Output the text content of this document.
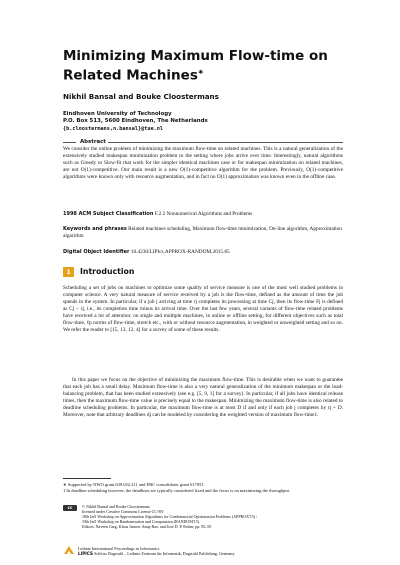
Minimizing Maximum Flow-time on Related Machines∗
Nikhil Bansal and Bouke Cloostermans
Eindhoven University of Technology
P.O. Box 513, 5600 Eindhoven, The Netherlands
{b.cloostermans,n.bansal}@tue.nl
Abstract
We consider the online problem of minimizing the maximum flow-time on related machines. This is a natural generalization of the extensively studied makespan minimization problem to the setting where jobs arrive over time. Interestingly, natural algorithms such as Greedy or Slow-fit that work for the simpler identical machines case or for makespan minimization on related machines, are not O(1)-competitive. Our main result is a new O(1)-competitive algorithm for the problem. Previously, O(1)-competitive algorithms were known only with resource augmentation, and in fact no O(1) approximation was known even in the offline case.
1998 ACM Subject Classification F.2.2 Nonnumerical Algorithms and Problems
Keywords and phrases Related machines scheduling, Maximum flow-time minimization, On-line algorithm, Approximation algorithm
Digital Object Identifier 10.4230/LIPIcs.APPROX-RANDOM.2015.85
1	Introduction

Scheduling a set of jobs on machines to optimize some quality of service measure is one of the most well studied problems in computer science. A very natural measure of service received by a job is the flow-time, defined as the amount of time the job spends in the system. In particular, if a job j arriving at time rj completes its processing at time Cj, then its flow-time Fj is defined as Cj − rj, i.e., its completion time minus its arrival time. Over the last few years, several variants of flow-time related problems have received a lot of attention: on single and multiple machines, in online or offline setting, for different objectives such as total flow-time, ℓp norms of flow-time, stretch etc., with or without resource augmentation, in weighted or unweighted setting and so on. We refer the reader to [15, 13, 12, 4] for a survey of some of these results.

In this paper we focus on the objective of minimizing the maximum flow-time. This is desirable when we want to guarantee that each job has a small delay. Maximum flow-time is also a very natural generalization of the minimum makespan or the load-balancing problem, that has been studied extensively (see e.g. [5, 9, 1] for a survey). In particular, if all jobs have identical release times, then the maximum flow-time value is precisely equal to the makespan. Minimizing the maximum flow-time is also related to deadline scheduling problems. In particular, the maximum flow-time is at most D if and only if each job j completes by rj + D. Moreover, note that arbitrary deadlines dj can be modeled by considering the weighted version of maximum flow-time1.

∗ Supported by NWO grant 639.022.211 and ERC consolidator grant 617951.

1 In deadline scheduling however, the deadlines are typically considered fixed and the focus is on maximizing the throughput.

cc	© Nikhil Bansal and Bouke Cloostermans;
licensed under Creative Commons License CC-BY
18th Int'l Workshop on Approximation Algorithms for Combinatorial Optimization Problems (APPROX'15) /
19th Int'l Workshop on Randomization and Computation (RANDOM'15).
Editors: Naveen Garg, Klaus Jansen, Anup Rao, and José D. P. Rolim; pp. 85–95
Leibniz International Proceedings in Informatics
LIPICS Schloss Dagstuhl – Leibniz-Zentrum für Informatik, Dagstuhl Publishing, Germany
